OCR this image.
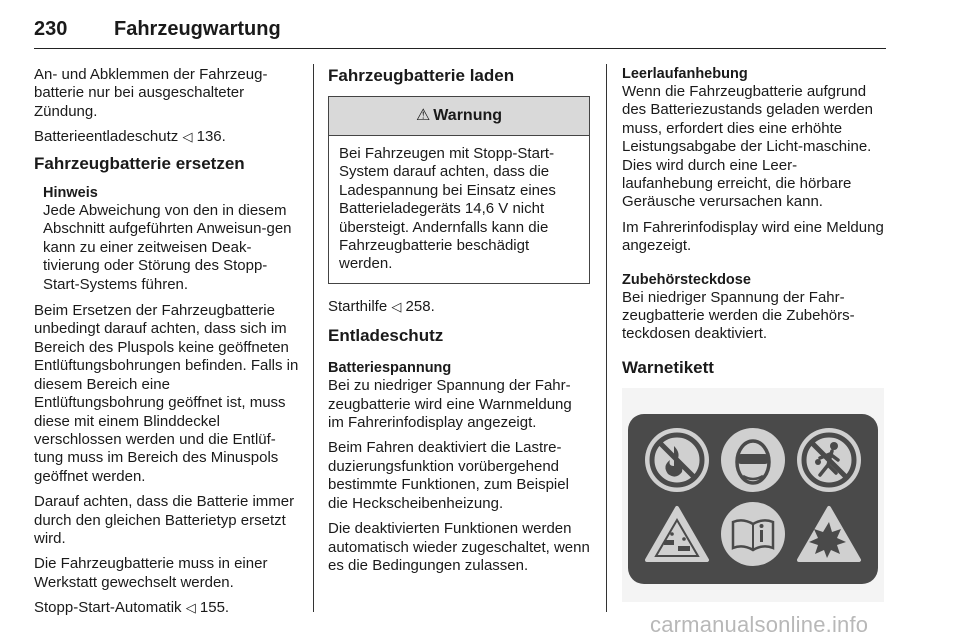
230 Fahrzeugwartung

An- und Abklemmen der Fahrzeug-batterie nur bei ausgeschalteter Zündung.

Batterieentladeschutz ◁ 136.

Fahrzeugbatterie ersetzen
Hinweis
Jede Abweichung von den in diesem Abschnitt aufgeführten Anweisun-gen kann zu einer zeitweisen Deak-tivierung oder Störung des Stopp-Start-Systems führen.

Beim Ersetzen der Fahrzeugbatterie unbedingt darauf achten, dass sich im Bereich des Pluspols keine geöffneten Entlüftungsbohrungen befinden. Falls in diesem Bereich eine Entlüftungsbohrung geöffnet ist, muss diese mit einem Blinddeckel verschlossen werden und die Entlüf-tung muss im Bereich des Minuspols geöffnet werden.

Darauf achten, dass die Batterie immer durch den gleichen Batterietyp ersetzt wird.

Die Fahrzeugbatterie muss in einer Werkstatt gewechselt werden.

Stopp-Start-Automatik ◁ 155.

Fahrzeugbatterie laden
⚠ Warnung
Bei Fahrzeugen mit Stopp-Start-System darauf achten, dass die Ladespannung bei Einsatz eines Batterieladegeräts 14,6 V nicht übersteigt. Andernfalls kann die Fahrzeugbatterie beschädigt werden.

Starthilfe ◁ 258.

Entladeschutz
Batteriespannung

Bei zu niedriger Spannung der Fahr-zeugbatterie wird eine Warnmeldung im Fahrerinfodisplay angezeigt.

Beim Fahren deaktiviert die Lastre-duzierungsfunktion vorübergehend bestimmte Funktionen, zum Beispiel die Heckscheibenheizung.

Die deaktivierten Funktionen werden automatisch wieder zugeschaltet, wenn es die Bedingungen zulassen.

Leerlaufanhebung

Wenn die Fahrzeugbatterie aufgrund des Batteriezustands geladen werden muss, erfordert dies eine erhöhte Leistungsabgabe der Licht-maschine. Dies wird durch eine Leer-laufanhebung erreicht, die hörbare Geräusche verursachen kann.

Im Fahrerinfodisplay wird eine Meldung angezeigt.

Zubehörsteckdose

Bei niedriger Spannung der Fahr-zeugbatterie werden die Zubehörs-teckdosen deaktiviert.

Warnetikett
carmanualsonline.info
